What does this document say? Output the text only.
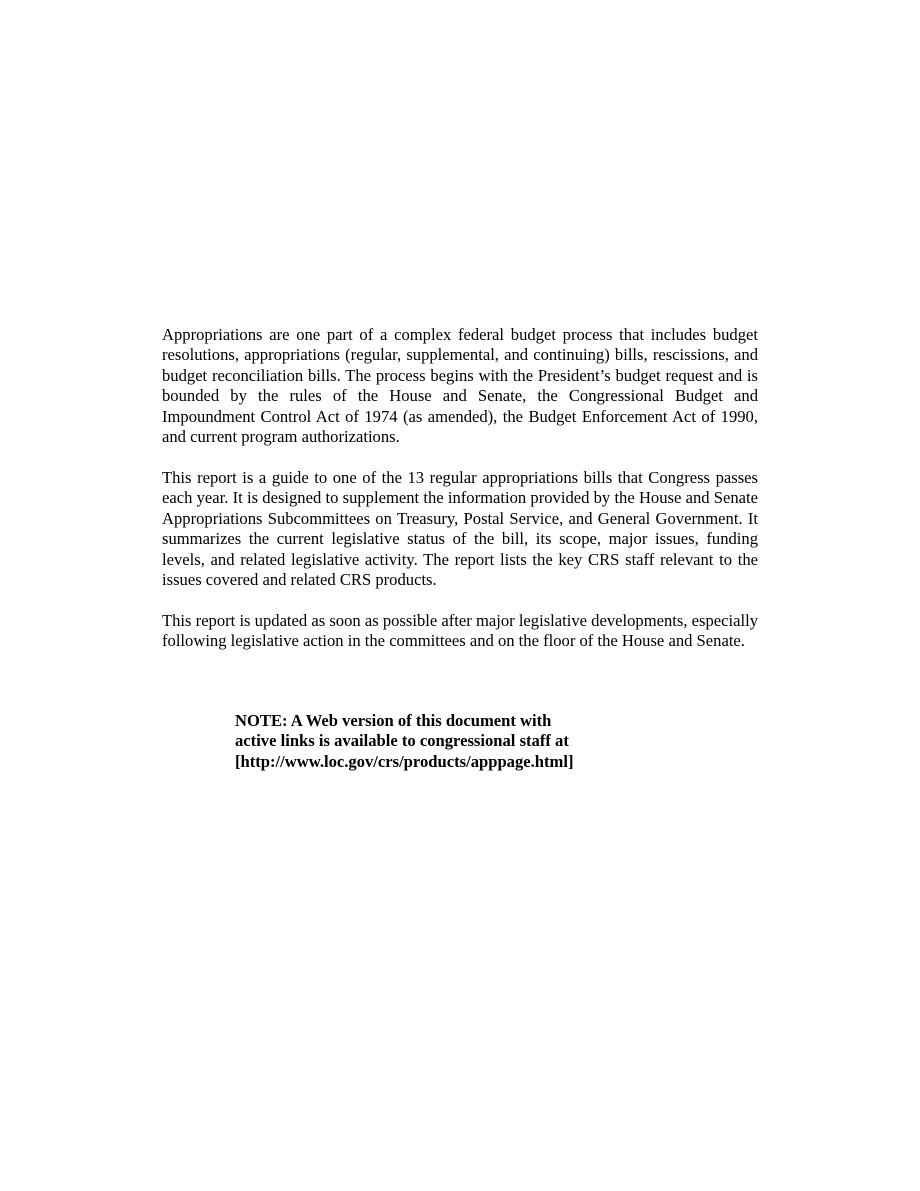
Appropriations are one part of a complex federal budget process that includes budget resolutions, appropriations (regular, supplemental, and continuing) bills, rescissions, and budget reconciliation bills. The process begins with the President’s budget request and is bounded by the rules of the House and Senate, the Congressional Budget and Impoundment Control Act of 1974 (as amended), the Budget Enforcement Act of 1990, and current program authorizations.

This report is a guide to one of the 13 regular appropriations bills that Congress passes each year. It is designed to supplement the information provided by the House and Senate Appropriations Subcommittees on Treasury, Postal Service, and General Government. It summarizes the current legislative status of the bill, its scope, major issues, funding levels, and related legislative activity. The report lists the key CRS staff relevant to the issues covered and related CRS products.

This report is updated as soon as possible after major legislative developments, especially following legislative action in the committees and on the floor of the House and Senate.

NOTE: A Web version of this document with
active links is available to congressional staff at
[http://www.loc.gov/crs/products/apppage.html]
